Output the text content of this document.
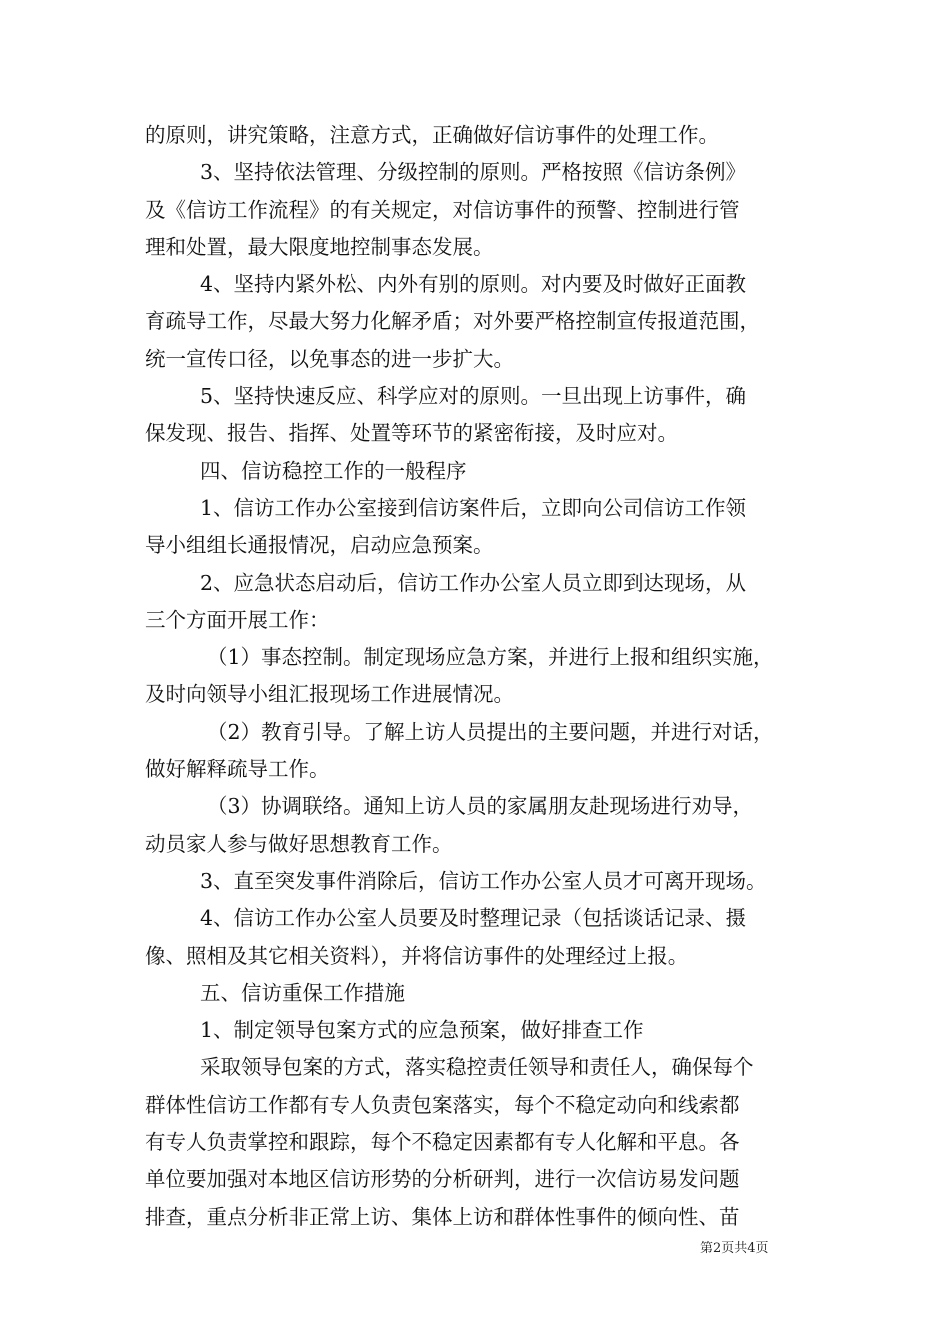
的原则，讲究策略，注意方式，正确做好信访事件的处理工作。
3、坚持依法管理、分级控制的原则。严格按照《信访条例》
及《信访工作流程》的有关规定，对信访事件的预警、控制进行管
理和处置，最大限度地控制事态发展。
4、坚持内紧外松、内外有别的原则。对内要及时做好正面教
育疏导工作，尽最大努力化解矛盾；对外要严格控制宣传报道范围，
统一宣传口径，以免事态的进一步扩大。
5、坚持快速反应、科学应对的原则。一旦出现上访事件，确
保发现、报告、指挥、处置等环节的紧密衔接，及时应对。
四、信访稳控工作的一般程序
1、信访工作办公室接到信访案件后，立即向公司信访工作领
导小组组长通报情况，启动应急预案。
2、应急状态启动后，信访工作办公室人员立即到达现场，从
三个方面开展工作：
（1）事态控制。制定现场应急方案，并进行上报和组织实施，
及时向领导小组汇报现场工作进展情况。
（2）教育引导。了解上访人员提出的主要问题，并进行对话，
做好解释疏导工作。
（3）协调联络。通知上访人员的家属朋友赴现场进行劝导，
动员家人参与做好思想教育工作。
3、直至突发事件消除后，信访工作办公室人员才可离开现场。
4、信访工作办公室人员要及时整理记录（包括谈话记录、摄
像、照相及其它相关资料），并将信访事件的处理经过上报。
五、信访重保工作措施
1、制定领导包案方式的应急预案，做好排查工作
采取领导包案的方式，落实稳控责任领导和责任人，确保每个
群体性信访工作都有专人负责包案落实，每个不稳定动向和线索都
有专人负责掌控和跟踪，每个不稳定因素都有专人化解和平息。各
单位要加强对本地区信访形势的分析研判，进行一次信访易发问题
排查，重点分析非正常上访、集体上访和群体性事件的倾向性、苗
第2页共4页
